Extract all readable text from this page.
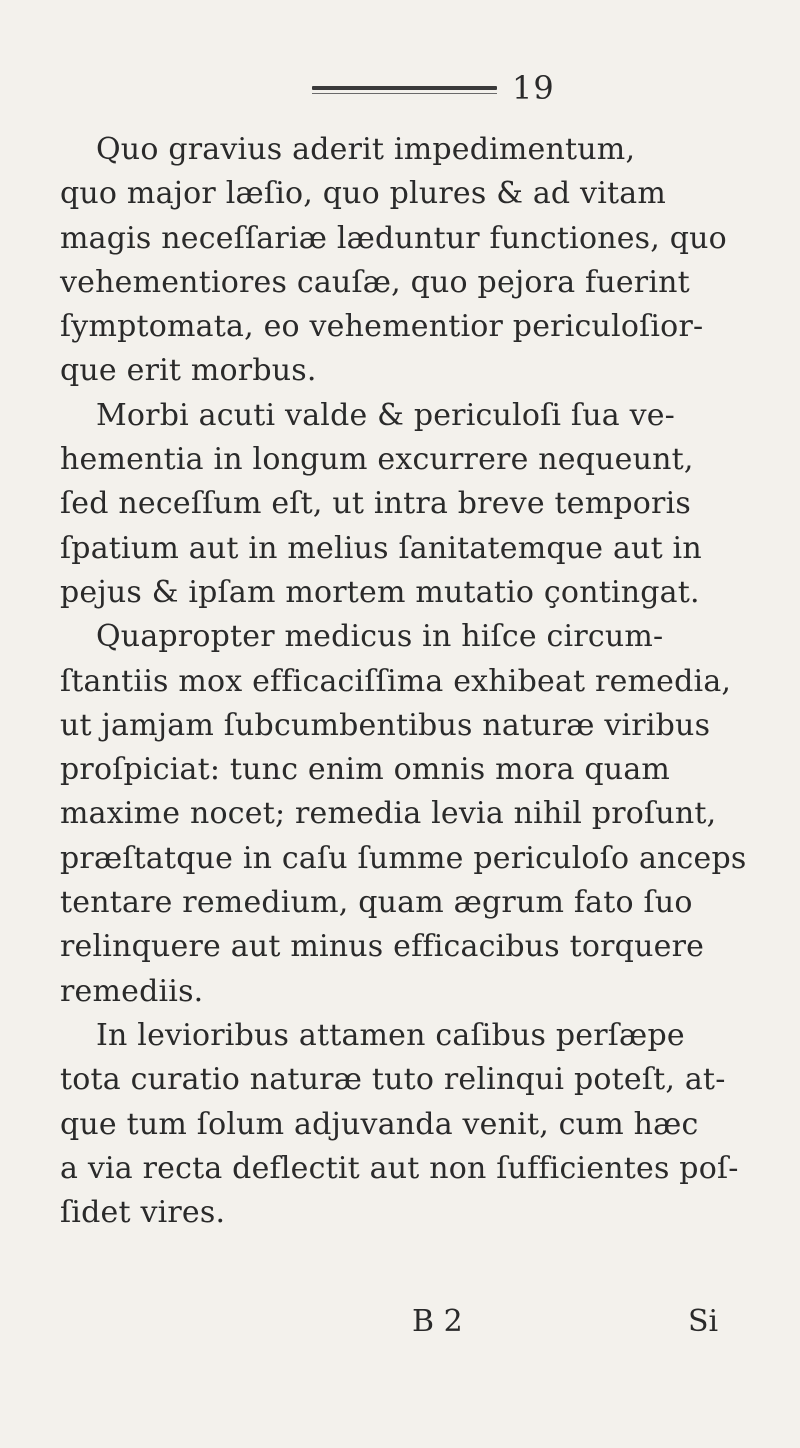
19
Quo gravius aderit impedimentum,
quo major læſio, quo plures & ad vitam
magis neceſſariæ læduntur functiones, quo
vehementiores cauſæ, quo pejora fuerint
ſymptomata, eo vehementior periculoſior-
que erit morbus.
Morbi acuti valde & periculoſi ſua ve-
hementia in longum excurrere nequeunt,
ſed neceſſum eſt, ut intra breve temporis
ſpatium aut in melius ſanitatemque aut in
pejus & ipſam mortem mutatio çontingat.
Quapropter medicus in hiſce circum-
ſtantiis mox efficaciſſima exhibeat remedia,
ut jamjam ſubcumbentibus naturæ viribus
proſpiciat: tunc enim omnis mora quam
maxime nocet; remedia levia nihil proſunt,
præſtatque in caſu ſumme periculoſo anceps
tentare remedium, quam ægrum fato ſuo
relinquere aut minus efficacibus torquere
remediis.
In levioribus attamen caſibus perſæpe
tota curatio naturæ tuto relinqui poteſt, at-
que tum ſolum adjuvanda venit, cum hæc
a via recta deflectit aut non ſufficientes poſ-
ſidet vires.
B 2	Si
